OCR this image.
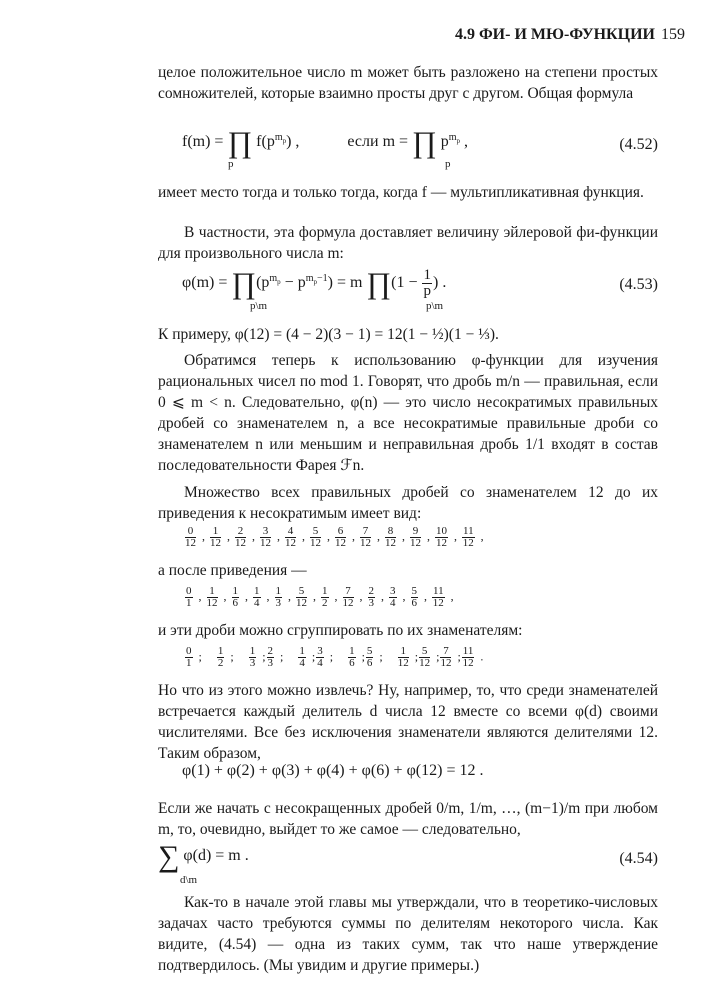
4.9 ФИ- И МЮ-ФУНКЦИИ 159
целое положительное число m может быть разложено на степени простых сомножителей, которые взаимно просты друг с другом. Общая формула
f(m) = ∏ $f(p^{m_p})$ ,	если m = ∏ $p^{m_p}$ ,
p	p
(4.52)
имеет место тогда и только тогда, когда f — мультипликативная функция.
В частности, эта формула доставляет величину эйлеровой фи-функции для произвольного числа m:
$\varphi(m) = \prod(p^{m_p} - p^{m_p-1}) = m$ ∏(1 − $\frac{1}{p}$ ) .
p\m	p\m
(4.53)
К примеру, φ(12) = (4 − 2)(3 − 1) = 12(1 − ½)(1 − ⅓).
Обратимся теперь к использованию φ-функции для изучения рациональных чисел по mod 1. Говорят, что дробь m/n — правильная, если 0 ⩽ m < n. Следовательно, φ(n) — это число несократимых правильных дробей со знаменателем n, а все несократимые правильные дроби со знаменателем n или меньшим и неправильная дробь 1/1 входят в состав последовательности Фарея ℱn.
Множество всех правильных дробей со знаменателем 12 до их приведения к несократимым имеет вид:
$\frac{0}{12}$ , $\frac{1}{12}$ , $\frac{2}{12}$ , $\frac{3}{12}$ , $\frac{4}{12}$ , $\frac{5}{12}$ , $\frac{6}{12}$ , $\frac{7}{12}$ , $\frac{8}{12}$ , $\frac{9}{12}$ , $\frac{10}{12}$ , $\frac{11}{12}$ ,
а после приведения —
$\frac{0}{1}$ , $\frac{1}{12}$ , $\frac{1}{6}$ , $\frac{1}{4}$ , $\frac{1}{3}$ , $\frac{5}{12}$ , $\frac{1}{2}$ , $\frac{7}{12}$ , $\frac{2}{3}$ , $\frac{3}{4}$ , $\frac{5}{6}$ , $\frac{11}{12}$ ,
и эти дроби можно сгруппировать по их знаменателям:
$\frac{0}{1}$ ; $\frac{1}{2}$ ; $\frac{1}{3}$ ; $\frac{2}{3}$ ; $\frac{1}{4}$ ; $\frac{3}{4}$ ; $\frac{1}{6}$ ; $\frac{5}{6}$ ; $\frac{1}{12}$ ; $\frac{5}{12}$ ; $\frac{7}{12}$ ; $\frac{11}{12}$ .
Но что из этого можно извлечь? Ну, например, то, что среди знаменателей встречается каждый делитель d числа 12 вместе со всеми φ(d) своими числителями. Все без исключения знаменатели являются делителями 12. Таким образом,
φ(1) + φ(2) + φ(3) + φ(4) + φ(6) + φ(12) = 12 .
Если же начать с несокращенных дробей 0/m, 1/m, …, (m−1)/m при любом m, то, очевидно, выйдет то же самое — следовательно,
∑ φ(d) = m .
d\m
(4.54)
Как-то в начале этой главы мы утверждали, что в теоретико-числовых задачах часто требуются суммы по делителям некоторого числа. Как видите, (4.54) — одна из таких сумм, так что наше утверждение подтвердилось. (Мы увидим и другие примеры.)
